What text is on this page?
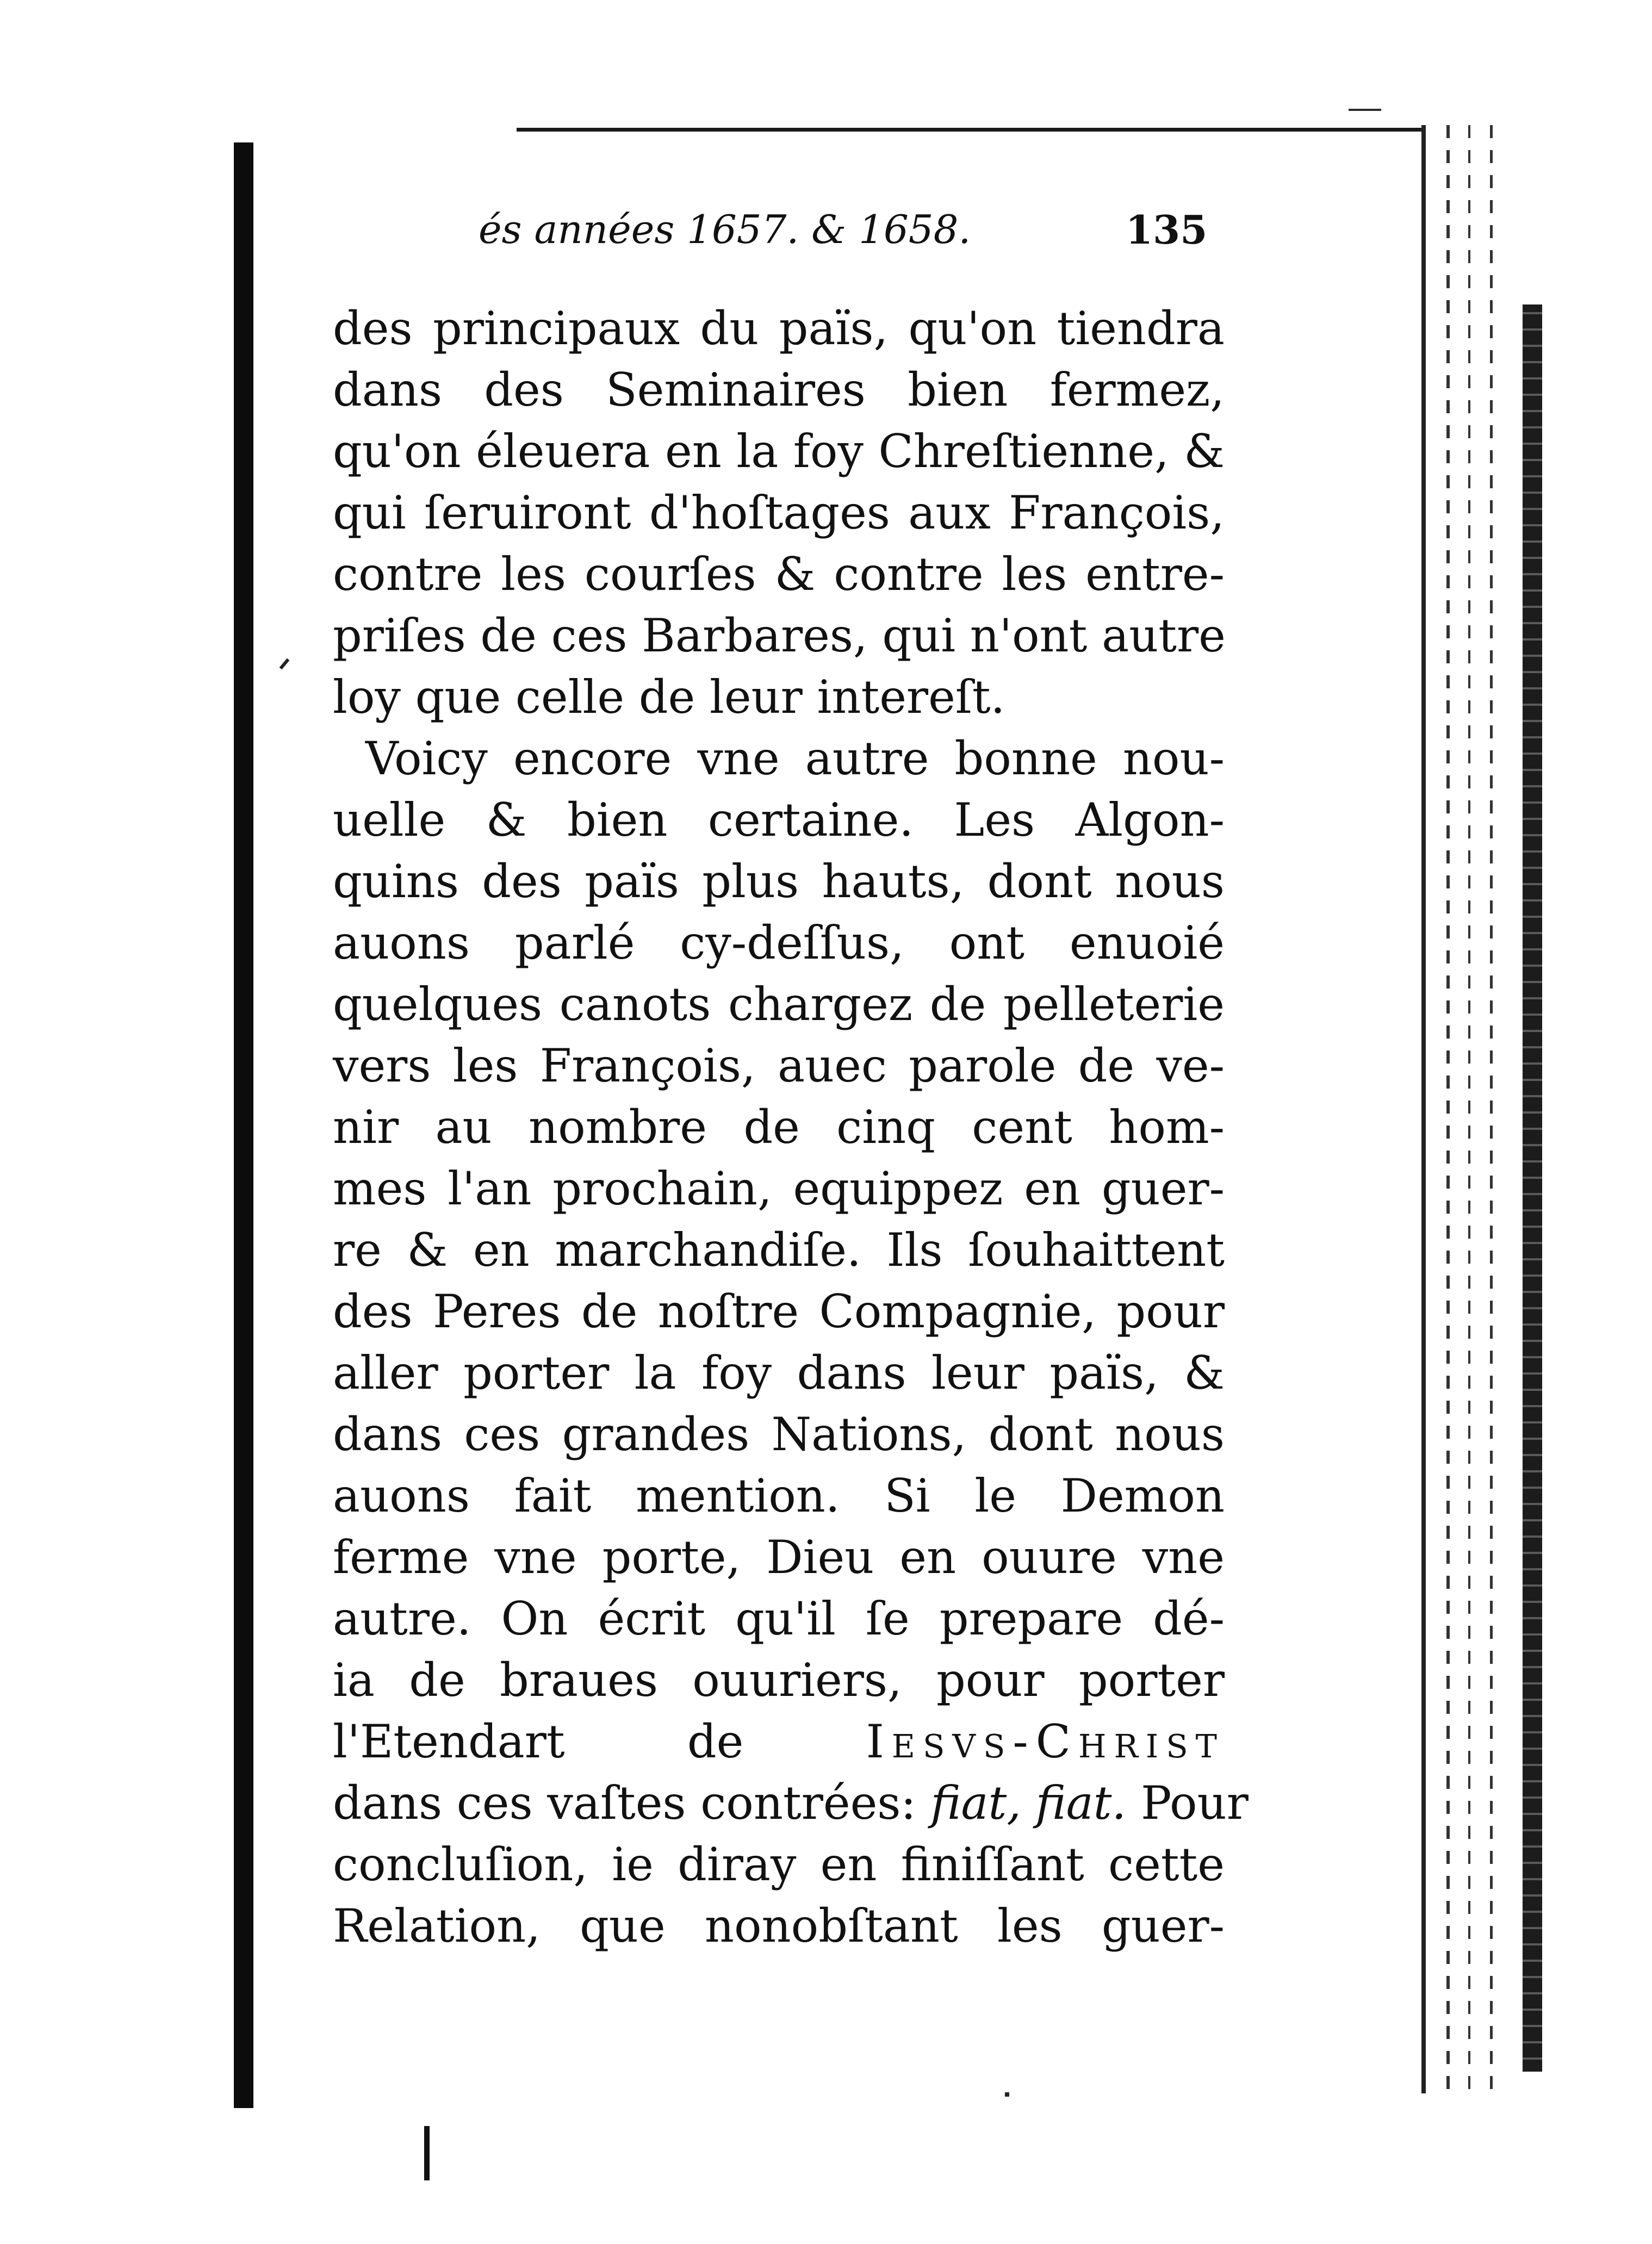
és années 1657. & 1658.	135
des principaux du païs, qu'on tiendra
dans des Seminaires bien fermez,
qu'on éleuera en la foy Chreſtienne, &
qui ſeruiront d'hoſtages aux François,
contre les courſes & contre les entre-
priſes de ces Barbares, qui n'ont autre
loy que celle de leur intereſt.
Voicy encore vne autre bonne nou-
uelle & bien certaine. Les Algon-
quins des païs plus hauts, dont nous
auons parlé cy-deſſus, ont enuoié
quelques canots chargez de pelleterie
vers les François, auec parole de ve-
nir au nombre de cinq cent hom-
mes l'an prochain, equippez en guer-
re & en marchandiſe. Ils ſouhaittent
des Peres de noſtre Compagnie, pour
aller porter la foy dans leur païs, &
dans ces grandes Nations, dont nous
auons fait mention. Si le Demon
ferme vne porte, Dieu en ouure vne
autre. On écrit qu'il ſe prepare dé-
ia de braues ouuriers, pour porter
l'Etendart de	Iesvs-Christ
dans ces vaſtes contrées: fiat, fiat. Pour
concluſion, ie diray en finiſſant cette
Relation, que nonobſtant les guer-
